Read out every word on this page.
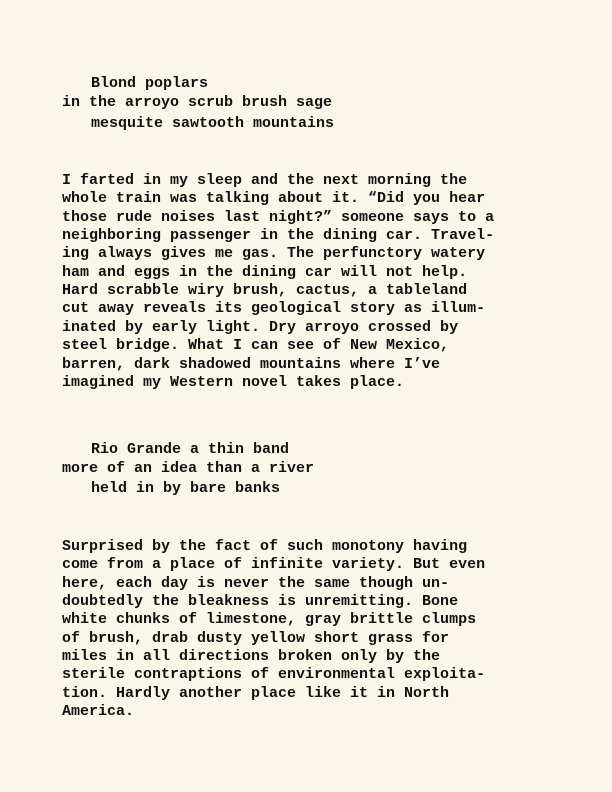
Blond poplars
in the arroyo scrub brush sage
mesquite sawtooth mountains
I farted in my sleep and the next morning the
whole train was talking about it. “Did you hear
those rude noises last night?” someone says to a
neighboring passenger in the dining car. Travel-
ing always gives me gas. The perfunctory watery
ham and eggs in the dining car will not help.
Hard scrabble wiry brush, cactus, a tableland
cut away reveals its geological story as illum-
inated by early light. Dry arroyo crossed by
steel bridge. What I can see of New Mexico,
barren, dark shadowed mountains where I’ve
imagined my Western novel takes place.
Rio Grande a thin band
more of an idea than a river
held in by bare banks
Surprised by the fact of such monotony having
come from a place of infinite variety. But even
here, each day is never the same though un-
doubtedly the bleakness is unremitting. Bone
white chunks of limestone, gray brittle clumps
of brush, drab dusty yellow short grass for
miles in all directions broken only by the
sterile contraptions of environmental exploita-
tion. Hardly another place like it in North
America.
